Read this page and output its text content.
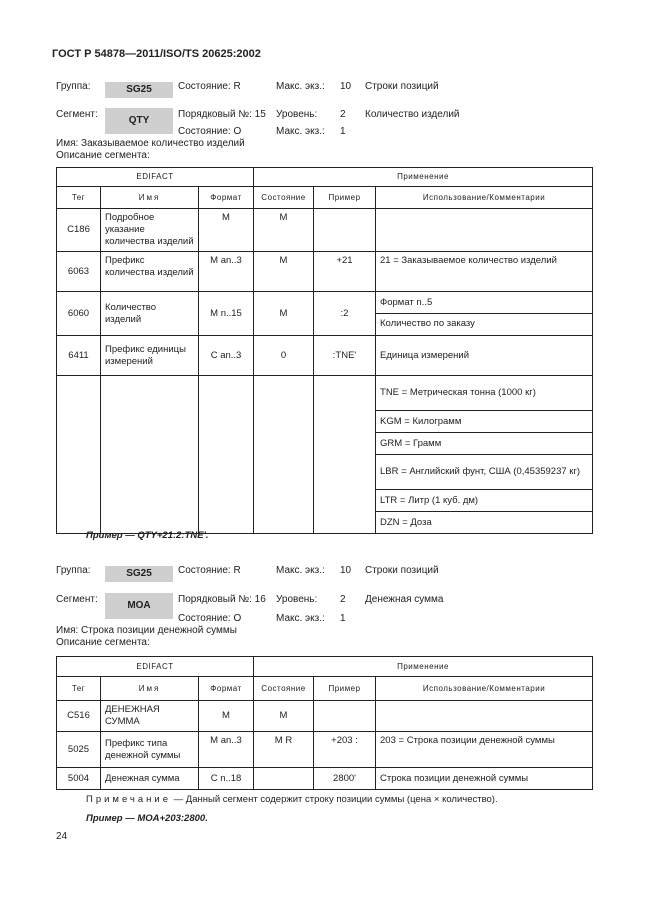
ГОСТ Р 54878—2011/ISO/TS 20625:2002
Группа:	SG25	Состояние: R	Макс. экз.: 10 Строки позиций
Сегмент:
QTY
Порядковый №: 15 Уровень: 2 Количество изделий
Состояние: О	Макс. экз.: 1
Имя: Заказываемое количество изделий
Описание сегмента:
EDIFACT	Применение
Тег	Имя	Формат	Состояние	Пример	Использование/Комментарии
C186	Подробное указание количества изделий	M	M		
6063	Префикс количества изделий	M an..3	M	+21	21 = Заказываемое количество изделий
6060	Количество изделий	M n..15	M	:2	
Формат n..5
Количество по заказу

6411	Префикс единицы измерений	C an..3	0	:TNE'	Единица измерений

TNE = Метрическая тонна (1000 кг)
KGM = Килограмм
GRM = Грамм
LBR = Английский фунт, США (0,45359237 кг)
LTR = Литр (1 куб. дм)
DZN = Доза
Пример — QTY+21:2:TNE'.
Группа:	SG25	Состояние: R	Макс. экз.: 10 Строки позиций
Сегмент:
MOA
Порядковый №: 16 Уровень: 2 Денежная сумма
Состояние: О	Макс. экз.: 1
Имя: Строка позиции денежной суммы
Описание сегмента:
EDIFACT			Применение		
Тег	Имя	Формат	Состояние	Пример	Использование/Комментарии
C516	ДЕНЕЖНАЯ СУММА	M	M		
5025	Префикс типа денежной суммы	M an..3	M R	+203 :	203 = Строка позиции денежной суммы
5004	Денежная сумма	C n..18		2800'	Строка позиции денежной суммы
Примечание — Данный сегмент содержит строку позиции суммы (цена × количество).
Пример — MOA+203:2800.
24
